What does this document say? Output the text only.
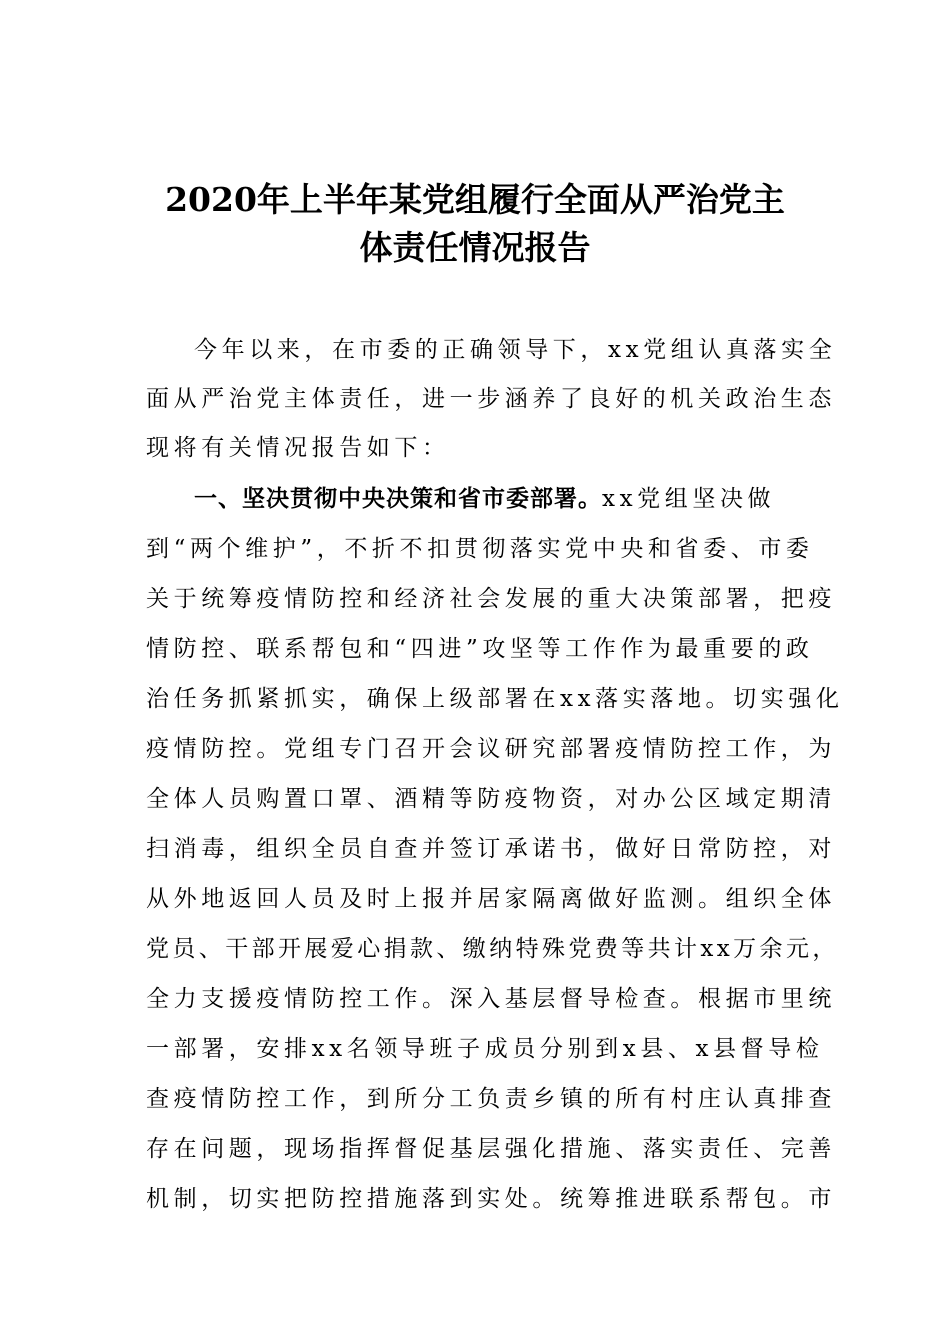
2020年上半年某党组履行全面从严治党主
体责任情况报告
今年以来，在市委的正确领导下，xx党组认真落实全
面从严治党主体责任，进一步涵养了良好的机关政治生态
现将有关情况报告如下：
一、坚决贯彻中央决策和省市委部署。xx党组坚决做
到“两个维护”，不折不扣贯彻落实党中央和省委、市委
关于统筹疫情防控和经济社会发展的重大决策部署，把疫
情防控、联系帮包和“四进”攻坚等工作作为最重要的政
治任务抓紧抓实，确保上级部署在xx落实落地。切实强化
疫情防控。党组专门召开会议研究部署疫情防控工作，为
全体人员购置口罩、酒精等防疫物资，对办公区域定期清
扫消毒，组织全员自查并签订承诺书，做好日常防控，对
从外地返回人员及时上报并居家隔离做好监测。组织全体
党员、干部开展爱心捐款、缴纳特殊党费等共计xx万余元，
全力支援疫情防控工作。深入基层督导检查。根据市里统
一部署，安排xx名领导班子成员分别到x县、x县督导检
查疫情防控工作，到所分工负责乡镇的所有村庄认真排查
存在问题，现场指挥督促基层强化措施、落实责任、完善
机制，切实把防控措施落到实处。统筹推进联系帮包。市
